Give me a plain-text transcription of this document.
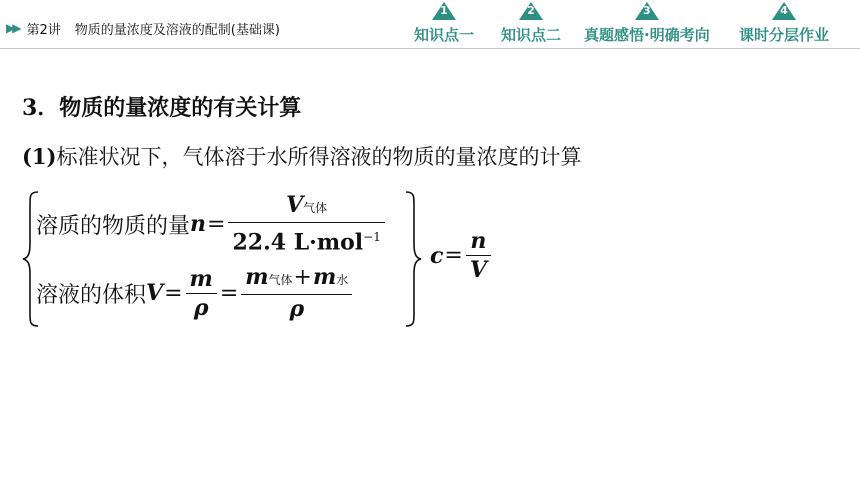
▶▶ 第2讲 物质的量浓度及溶液的配制(基础课)
1
知识点一
2
知识点二
3
真题感悟·明确考向
4
课时分层作业
3．物质的量浓度的有关计算
(1)标准状况下，气体溶于水所得溶液的物质的量浓度的计算
溶质的物质的量 $n = \frac{\text{V气体}}{22.4 L\cdot mol^{-1}}$
溶液的体积 $V = \frac{m}{\rho} = \frac{\text{m气体+m水}}{\rho}$
$c = \frac{n}{V}$
